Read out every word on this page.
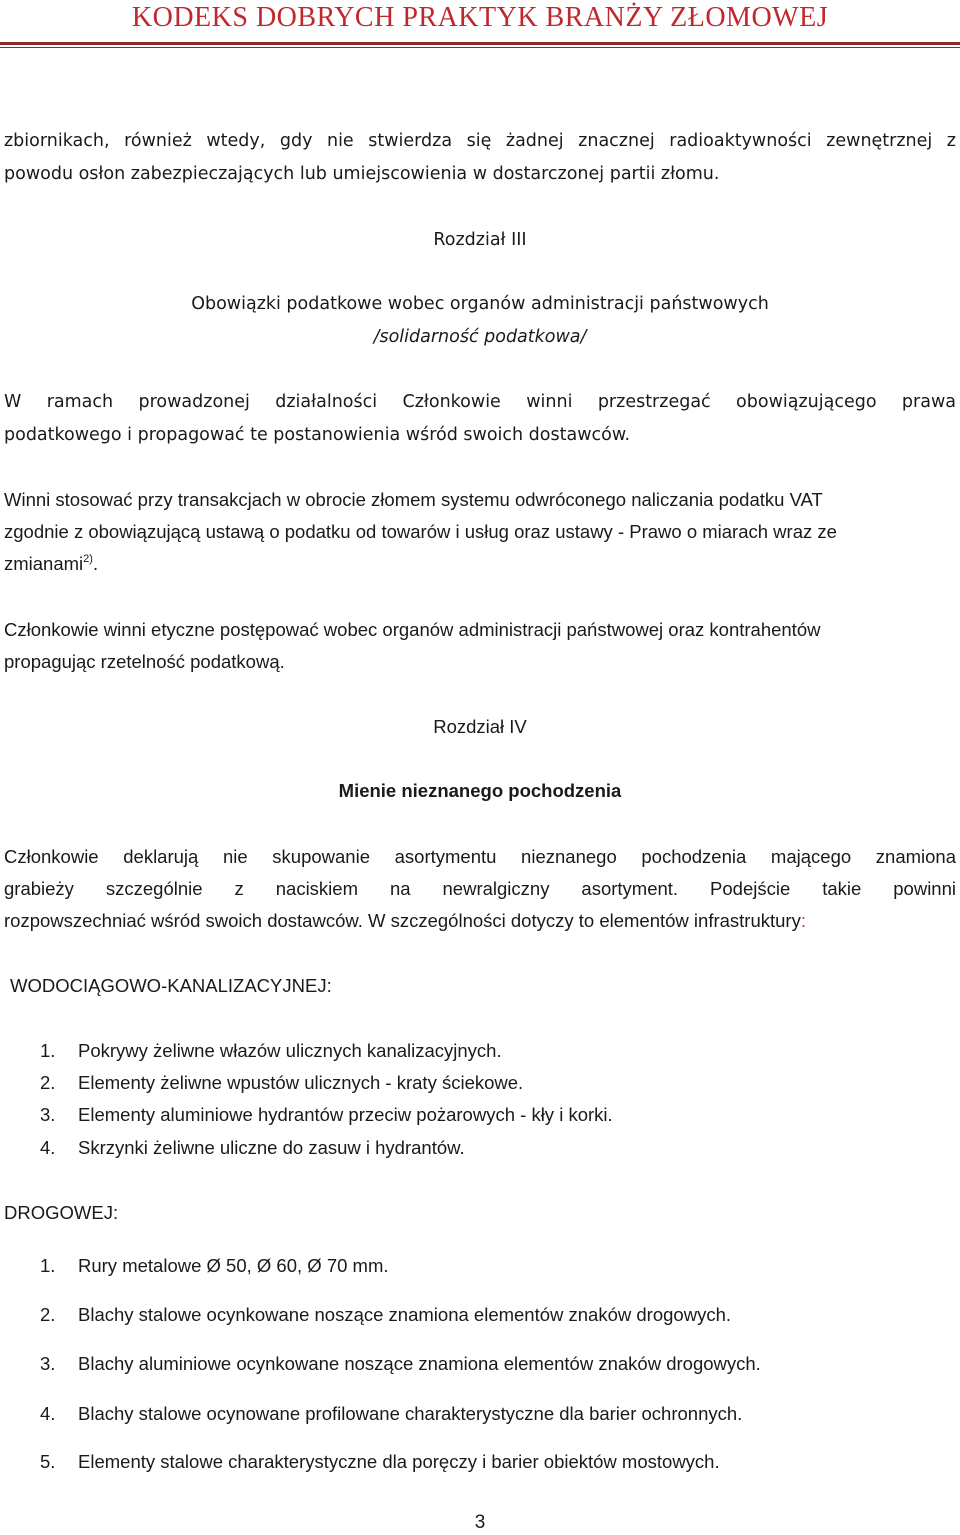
KODEKS DOBRYCH PRAKTYK BRANŻY ZŁOMOWEJ
zbiornikach, również wtedy, gdy nie stwierdza się żadnej znacznej radioaktywności zewnętrznej z
powodu osłon zabezpieczających lub umiejscowienia w dostarczonej partii złomu.
Rozdział III
Obowiązki podatkowe wobec organów administracji państwowych
/solidarność podatkowa/
W ramach prowadzonej działalności Członkowie winni przestrzegać obowiązującego prawa
podatkowego i propagować te postanowienia wśród swoich dostawców.
Winni stosować przy transakcjach w obrocie złomem systemu odwróconego naliczania podatku VAT
zgodnie z obowiązującą ustawą o podatku od towarów i usług oraz ustawy - Prawo o miarach wraz ze
zmianami$^{2)}$.
Członkowie winni etyczne postępować wobec organów administracji państwowej oraz kontrahentów
propagując rzetelność podatkową.
Rozdział IV
Mienie nieznanego pochodzenia
Członkowie deklarują nie skupowanie asortymentu nieznanego pochodzenia mającego znamiona
grabieży szczególnie z naciskiem na newralgiczny asortyment. Podejście takie powinni
rozpowszechniać wśród swoich dostawców. W szczególności dotyczy to elementów infrastruktury:
WODOCIĄGOWO-KANALIZACYJNEJ:
1. Pokrywy żeliwne włazów ulicznych kanalizacyjnych.
2. Elementy żeliwne wpustów ulicznych - kraty ściekowe.
3. Elementy aluminiowe hydrantów przeciw pożarowych - kły i korki.
4. Skrzynki żeliwne uliczne do zasuw i hydrantów.
DROGOWEJ:
1. Rury metalowe Ø 50, Ø 60, Ø 70 mm.
2. Blachy stalowe ocynkowane noszące znamiona elementów znaków drogowych.
3. Blachy aluminiowe ocynkowane noszące znamiona elementów znaków drogowych.
4. Blachy stalowe ocynowane profilowane charakterystyczne dla barier ochronnych.
5. Elementy stalowe charakterystyczne dla poręczy i barier obiektów mostowych.
3
